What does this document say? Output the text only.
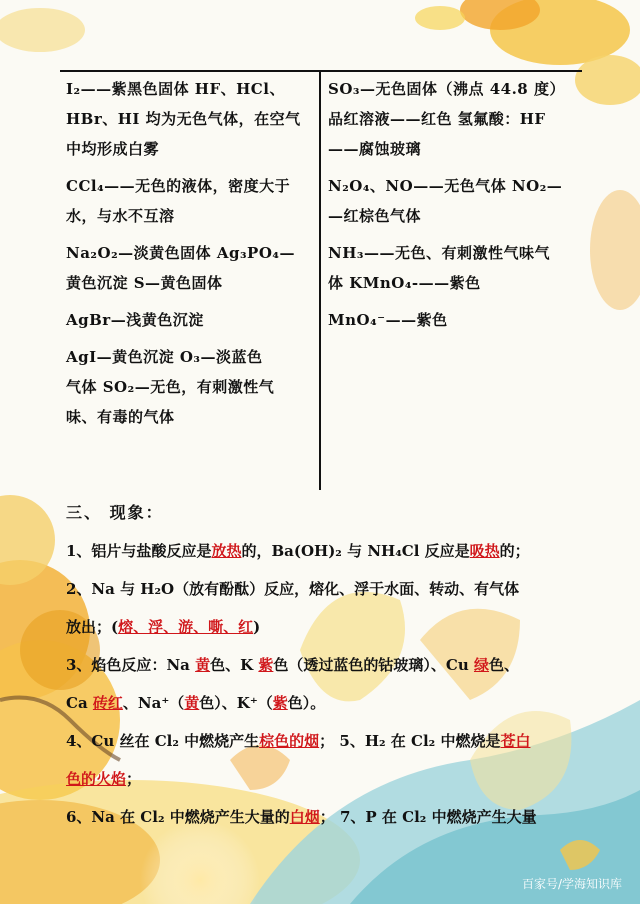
I₂——紫黑色固体 HF、HCl、
HBr、HI 均为无色气体，在空气
中均形成白雾
CCl₄——无色的液体，密度大于
水，与水不互溶
Na₂O₂—淡黄色固体 Ag₃PO₄—
黄色沉淀 S—黄色固体
AgBr—浅黄色沉淀
AgI—黄色沉淀 O₃—淡蓝色
气体 SO₂—无色，有刺激性气
味、有毒的气体
SO₃—无色固体（沸点 44.8 度）
品红溶液——红色 氢氟酸：HF
——腐蚀玻璃
N₂O₄、NO——无色气体 NO₂—
—红棕色气体
NH₃——无色、有刺激性气味气
体 KMnO₄-——紫色
MnO₄⁻——紫色
三、 现象：
1、铝片与盐酸反应是放热的，Ba(OH)₂ 与 NH₄Cl 反应是吸热的；
2、Na 与 H₂O（放有酚酞）反应，熔化、浮于水面、转动、有气体
放出；(熔、浮、游、嘶、红)
3、焰色反应：Na 黄色、K 紫色（透过蓝色的钴玻璃）、Cu 绿色、
Ca 砖红、Na⁺（黄色）、K⁺（紫色）。
4、Cu 丝在 Cl₂ 中燃烧产生棕色的烟； 5、H₂ 在 Cl₂ 中燃烧是苍白
色的火焰；
6、Na 在 Cl₂ 中燃烧产生大量的白烟； 7、P 在 Cl₂ 中燃烧产生大量
百家号/学海知识库
